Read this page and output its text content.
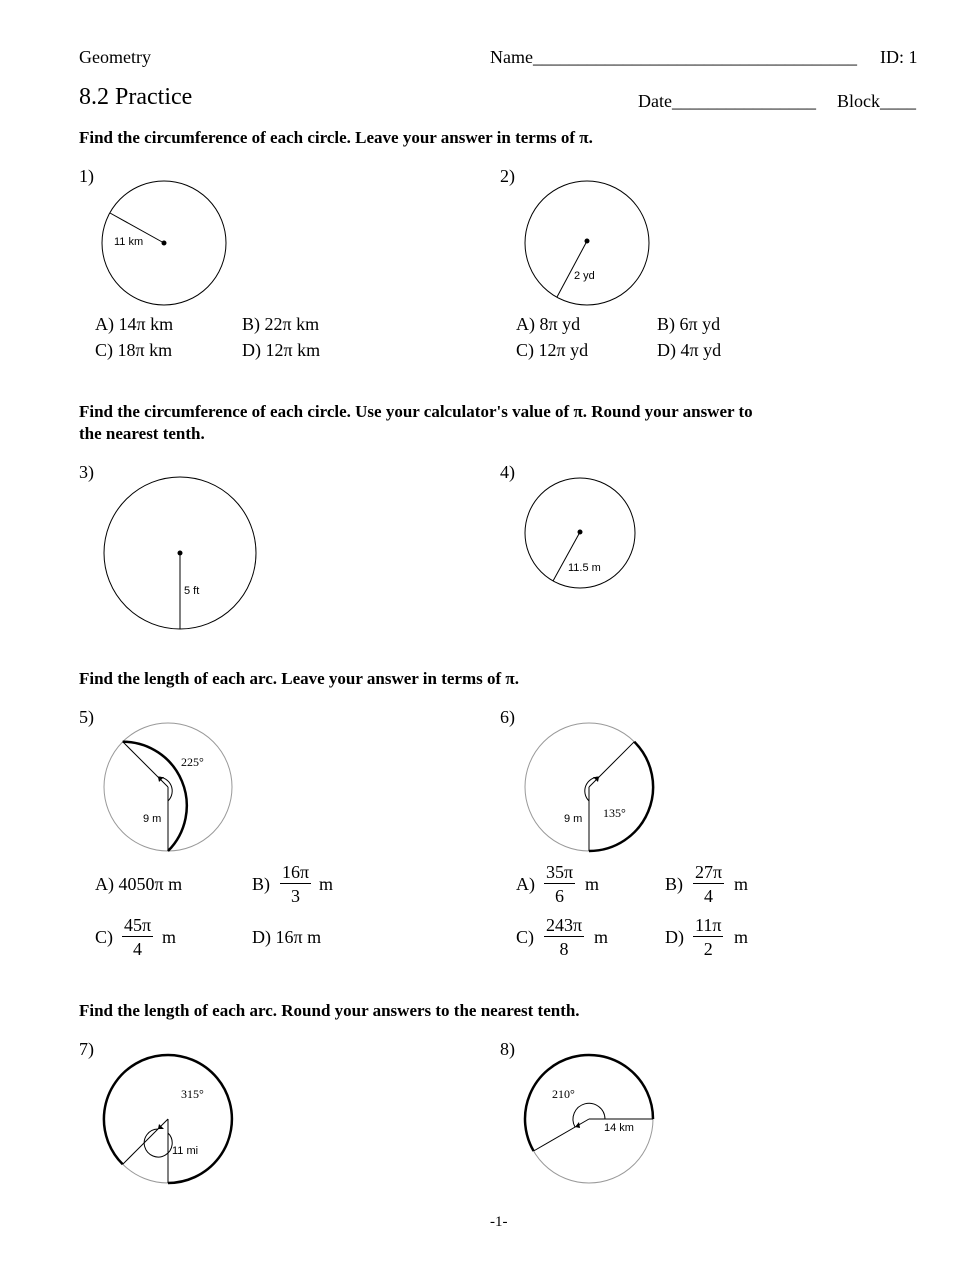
Geometry	Name____________________________________ ID: 1
8.2 Practice	Date________________ Block____
Find the circumference of each circle. Leave your answer in terms of π.
1)
11 km
A) 14π km	B) 22π km
C) 18π km	D) 12π km
2)
2 yd
A) 8π yd	B) 6π yd
C) 12π yd	D) 4π yd
Find the circumference of each circle. Use your calculator's value of π. Round your answer to
the nearest tenth.
3)
5 ft
4)
11.5 m
Find the length of each arc. Leave your answer in terms of π.
5)
225°
9 m
A) 4050π m	$B) \frac{16\pi}{3}$ m
$C) \frac{45\pi}{4}$ m	D) 16π m
6)
135°
9 m
$A) \frac{35\pi}{6}$ m	$B) \frac{27\pi}{4}$ m
$C) \frac{243\pi}{8}$ m	$D) \frac{11\pi}{2}$ m
Find the length of each arc. Round your answers to the nearest tenth.
7)
315°
11 mi
8)
210°
14 km
-1-
